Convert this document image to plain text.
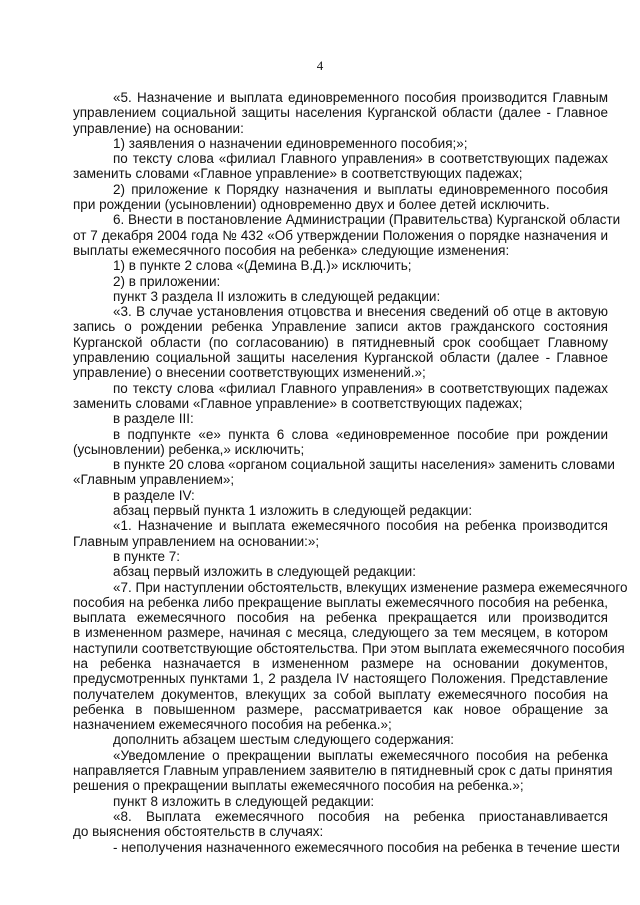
4
«5. Назначение и выплата единовременного пособия производится Главным
управлением социальной защиты населения Курганской области (далее - Главное
управление) на основании:
1) заявления о назначении единовременного пособия;»;
по тексту слова «филиал Главного управления» в соответствующих падежах
заменить словами «Главное управление» в соответствующих падежах;
2) приложение к Порядку назначения и выплаты единовременного пособия
при рождении (усыновлении) одновременно двух и более детей исключить.
6. Внести в постановление Администрации (Правительства) Курганской области
от 7 декабря 2004 года № 432 «Об утверждении Положения о порядке назначения и
выплаты ежемесячного пособия на ребенка» следующие изменения:
1) в пункте 2 слова «(Демина В.Д.)» исключить;
2) в приложении:
пункт 3 раздела II изложить в следующей редакции:
«3. В случае установления отцовства и внесения сведений об отце в актовую
запись о рождении ребенка Управление записи актов гражданского состояния
Курганской области (по согласованию) в пятидневный срок сообщает Главному
управлению социальной защиты населения Курганской области (далее - Главное
управление) о внесении соответствующих изменений.»;
по тексту слова «филиал Главного управления» в соответствующих падежах
заменить словами «Главное управление» в соответствующих падежах;
в разделе III:
в подпункте «е» пункта 6 слова «единовременное пособие при рождении
(усыновлении) ребенка,» исключить;
в пункте 20 слова «органом социальной защиты населения» заменить словами
«Главным управлением»;
в разделе IV:
абзац первый пункта 1 изложить в следующей редакции:
«1. Назначение и выплата ежемесячного пособия на ребенка производится
Главным управлением на основании:»;
в пункте 7:
абзац первый изложить в следующей редакции:
«7. При наступлении обстоятельств, влекущих изменение размера ежемесячного
пособия на ребенка либо прекращение выплаты ежемесячного пособия на ребенка,
выплата ежемесячного пособия на ребенка прекращается или производится
в измененном размере, начиная с месяца, следующего за тем месяцем, в котором
наступили соответствующие обстоятельства. При этом выплата ежемесячного пособия
на ребенка назначается в измененном размере на основании документов,
предусмотренных пунктами 1, 2 раздела IV настоящего Положения. Представление
получателем документов, влекущих за собой выплату ежемесячного пособия на
ребенка в повышенном размере, рассматривается как новое обращение за
назначением ежемесячного пособия на ребенка.»;
дополнить абзацем шестым следующего содержания:
«Уведомление о прекращении выплаты ежемесячного пособия на ребенка
направляется Главным управлением заявителю в пятидневный срок с даты принятия
решения о прекращении выплаты ежемесячного пособия на ребенка.»;
пункт 8 изложить в следующей редакции:
«8. Выплата ежемесячного пособия на ребенка приостанавливается
до выяснения обстоятельств в случаях:
- неполучения назначенного ежемесячного пособия на ребенка в течение шести
